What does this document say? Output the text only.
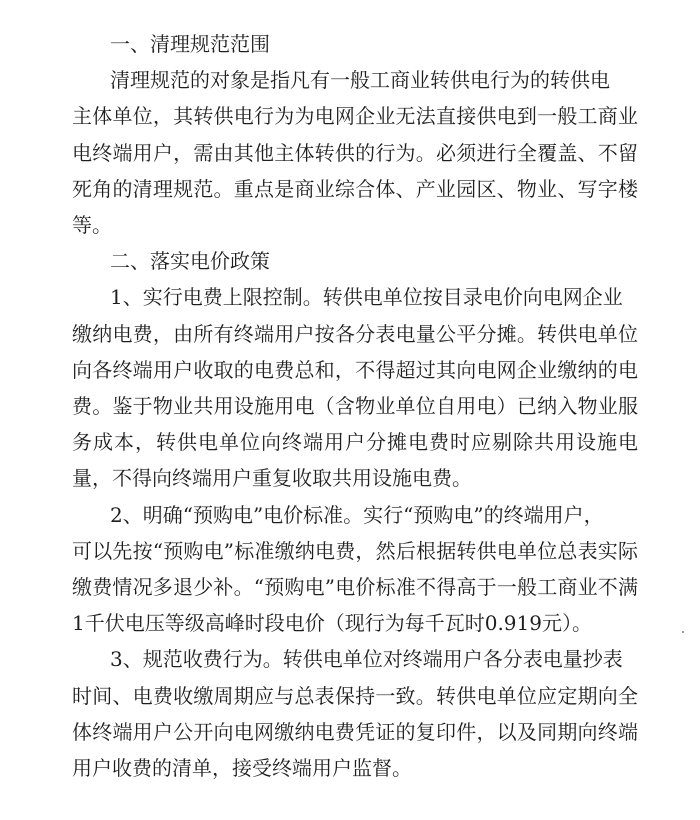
一、清理规范范围

清理规范的对象是指凡有一般工商业转供电行为的转供电
主体单位，其转供电行为为电网企业无法直接供电到一般工商业电终端用户，需由其他主体转供的行为。必须进行全覆盖、不留死角的清理规范。重点是商业综合体、产业园区、物业、写字楼等。

二、落实电价政策

1、实行电费上限控制。转供电单位按目录电价向电网企业
缴纳电费，由所有终端用户按各分表电量公平分摊。转供电单位向各终端用户收取的电费总和，不得超过其向电网企业缴纳的电费。鉴于物业共用设施用电（含物业单位自用电）已纳入物业服务成本，转供电单位向终端用户分摊电费时应剔除共用设施电量，不得向终端用户重复收取共用设施电费。
2、明确“预购电”电价标准。实行“预购电”的终端用户，
可以先按“预购电”标准缴纳电费，然后根据转供电单位总表实际缴费情况多退少补。“预购电”电价标准不得高于一般工商业不满1千伏电压等级高峰时段电价（现行为每千瓦时0.919元）。
3、规范收费行为。转供电单位对终端用户各分表电量抄表
时间、电费收缴周期应与总表保持一致。转供电单位应定期向全体终端用户公开向电网缴纳电费凭证的复印件，以及同期向终端用户收费的清单，接受终端用户监督。
